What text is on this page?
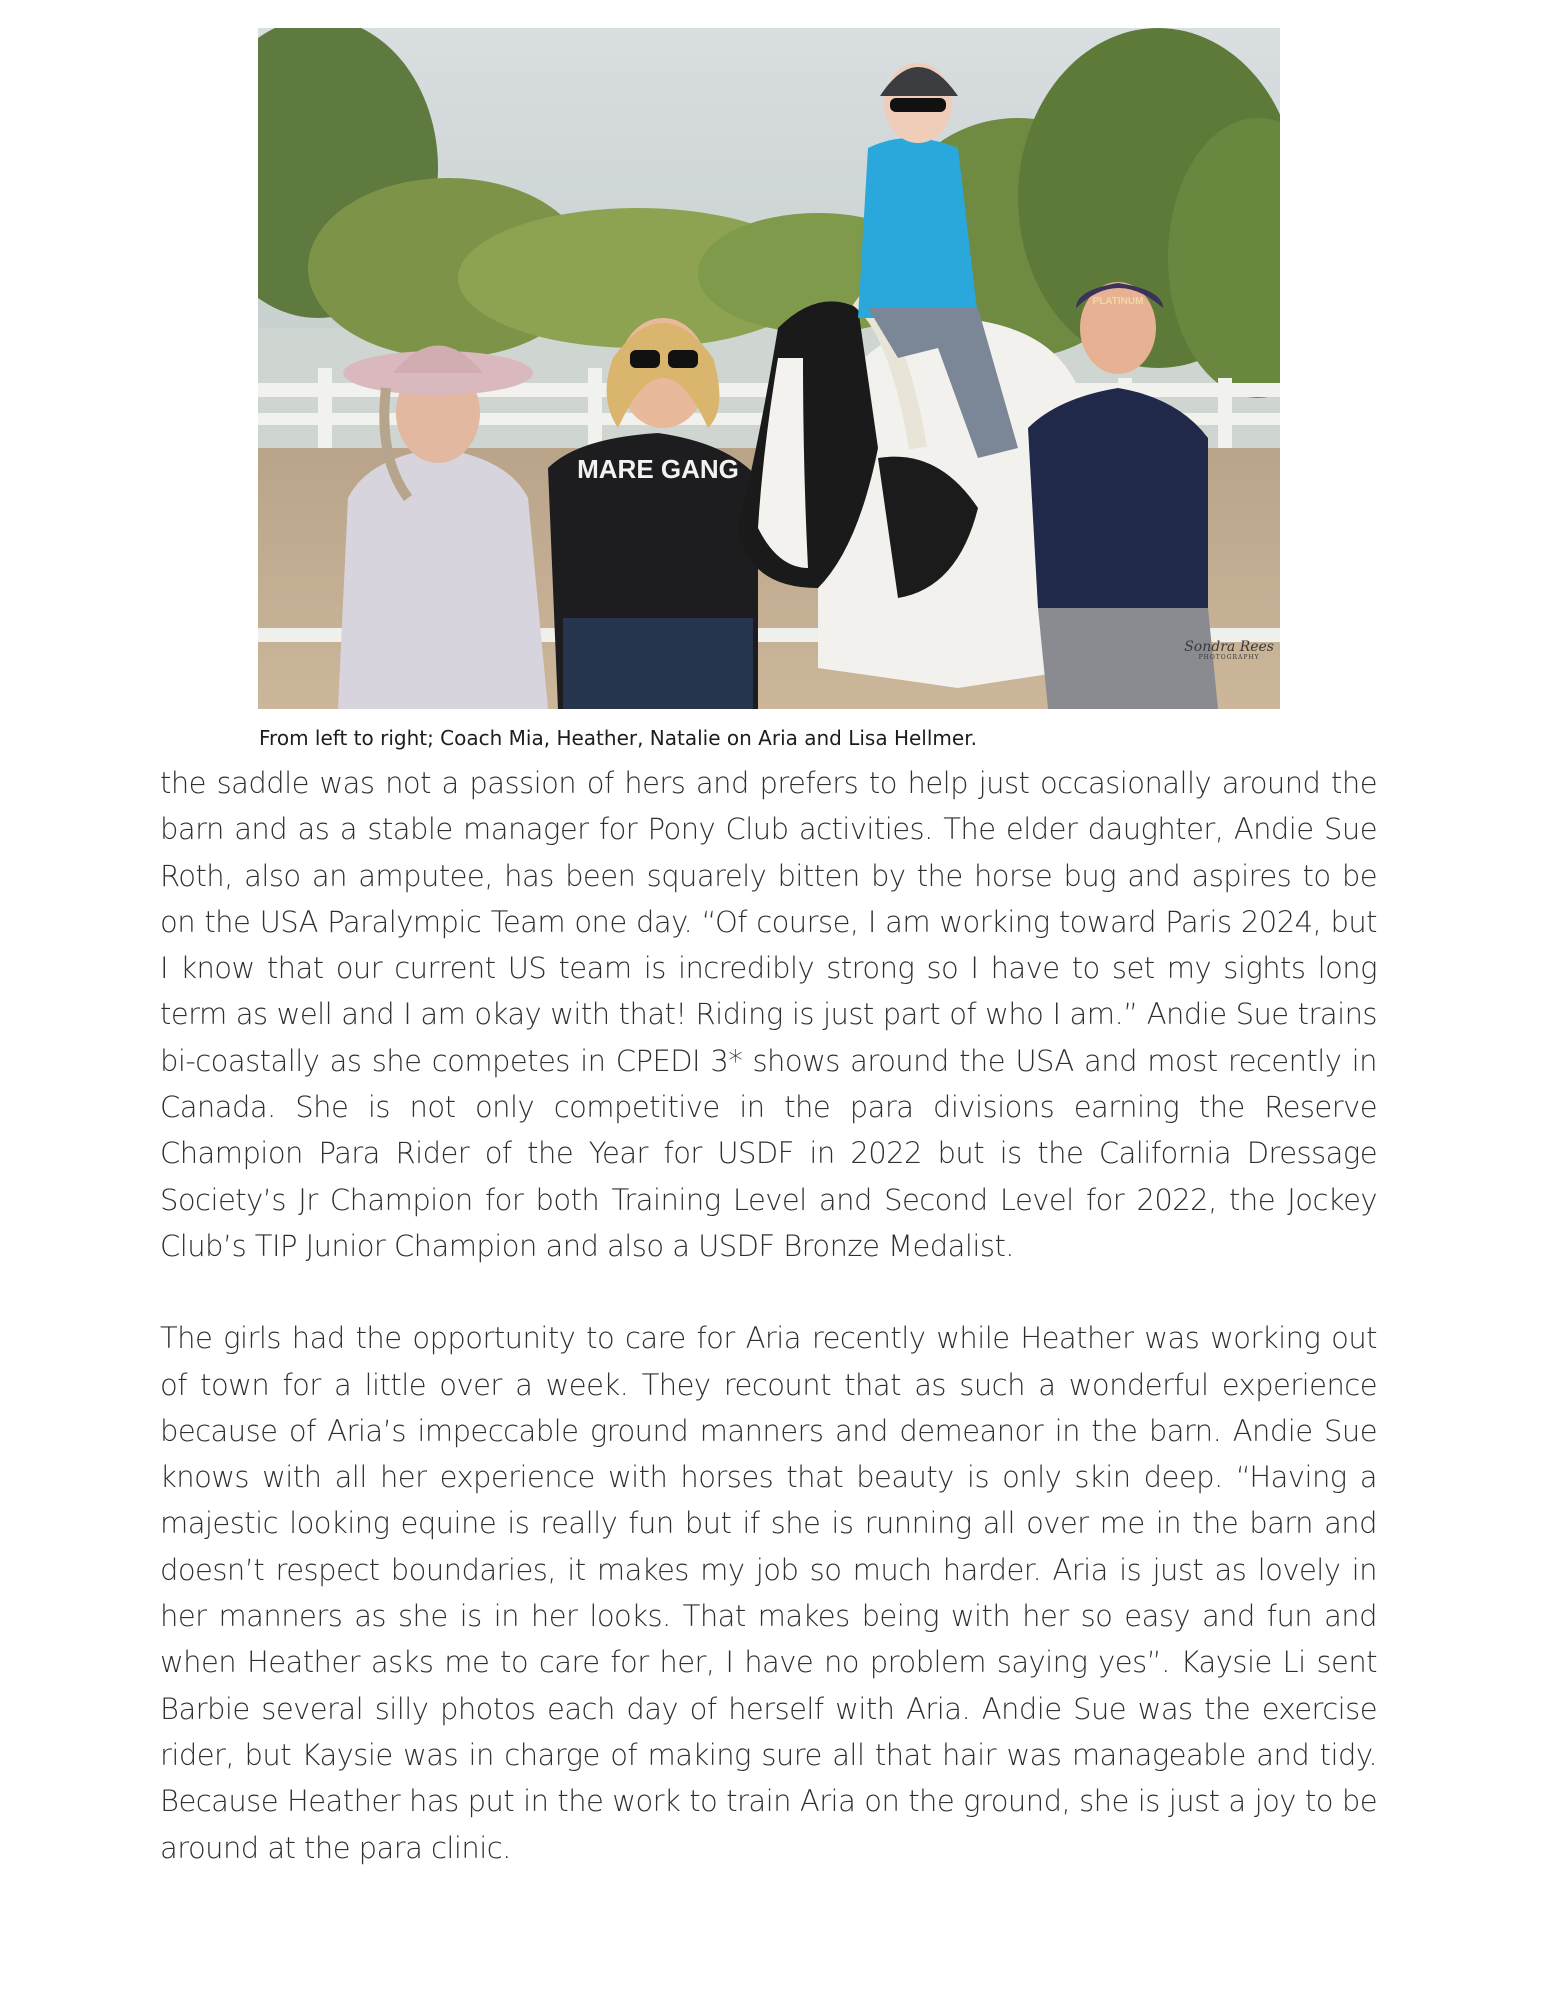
MARE GANG
PLATINUM
Sondra Rees
PHOTOGRAPHY

From left to right; Coach Mia, Heather, Natalie on Aria and Lisa Hellmer.

the saddle was not a passion of hers and prefers to help just occasionally around the barn and as a stable manager for Pony Club activities. The elder daughter, Andie Sue Roth, also an amputee, has been squarely bitten by the horse bug and aspires to be on the USA Paralympic Team one day. “Of course, I am working toward Paris 2024, but I know that our current US team is incredibly strong so I have to set my sights long term as well and I am okay with that! Riding is just part of who I am.” Andie Sue trains bi-coastally as she competes in CPEDI 3* shows around the USA and most recently in Canada. She is not only competitive in the para divisions earning the Reserve Champion Para Rider of the Year for USDF in 2022 but is the California Dressage Society’s Jr Champion for both Training Level and Second Level for 2022, the Jockey Club’s TIP Junior Champion and also a USDF Bronze Medalist.

The girls had the opportunity to care for Aria recently while Heather was working out of town for a little over a week. They recount that as such a wonderful experience because of Aria’s impeccable ground manners and demeanor in the barn. Andie Sue knows with all her experience with horses that beauty is only skin deep. “Having a majestic looking equine is really fun but if she is running all over me in the barn and doesn’t respect boundaries, it makes my job so much harder. Aria is just as lovely in her manners as she is in her looks. That makes being with her so easy and fun and when Heather asks me to care for her, I have no problem saying yes”. Kaysie Li sent Barbie several silly photos each day of herself with Aria. Andie Sue was the exercise rider, but Kaysie was in charge of making sure all that hair was manageable and tidy. Because Heather has put in the work to train Aria on the ground, she is just a joy to be around at the para clinic.
